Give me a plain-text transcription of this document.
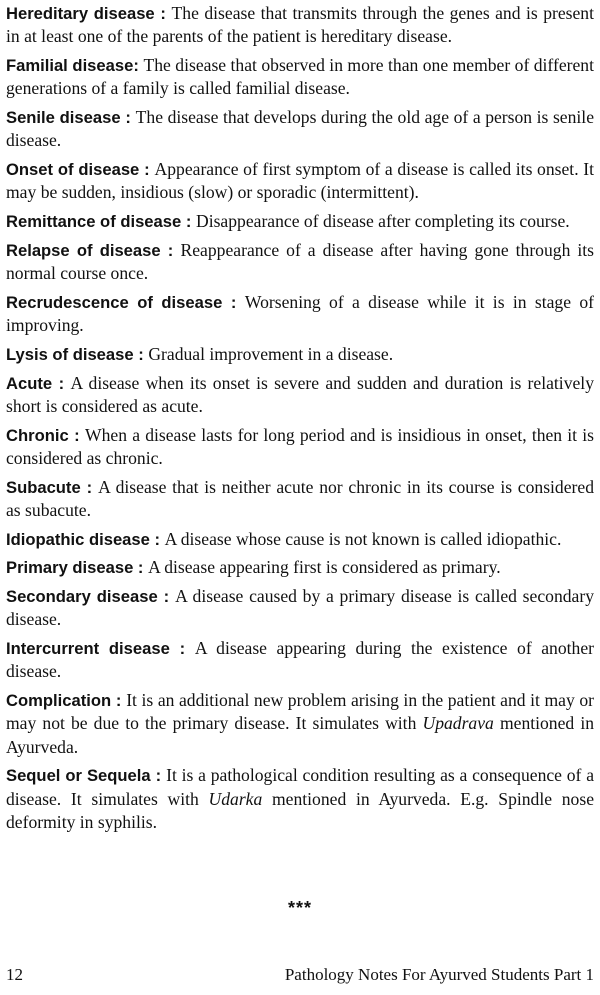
Hereditary disease : The disease that transmits through the genes and is present in at least one of the parents of the patient is hereditary disease.

Familial disease: The disease that observed in more than one member of different generations of a family is called familial disease.

Senile disease : The disease that develops during the old age of a person is senile disease.

Onset of disease : Appearance of first symptom of a disease is called its onset. It may be sudden, insidious (slow) or sporadic (intermittent).

Remittance of disease : Disappearance of disease after completing its course.

Relapse of disease : Reappearance of a disease after having gone through its normal course once.

Recrudescence of disease : Worsening of a disease while it is in stage of improving.

Lysis of disease : Gradual improvement in a disease.

Acute : A disease when its onset is severe and sudden and duration is relatively short is considered as acute.

Chronic : When a disease lasts for long period and is insidious in onset, then it is considered as chronic.

Subacute : A disease that is neither acute nor chronic in its course is considered as subacute.

Idiopathic disease : A disease whose cause is not known is called idiopathic.

Primary disease : A disease appearing first is considered as primary.

Secondary disease : A disease caused by a primary disease is called secondary disease.

Intercurrent disease : A disease appearing during the existence of another disease.

Complication : It is an additional new problem arising in the patient and it may or may not be due to the primary disease. It simulates with Upadrava mentioned in Ayurveda.

Sequel or Sequela : It is a pathological condition resulting as a consequence of a disease. It simulates with Udarka mentioned in Ayurveda. E.g. Spindle nose deformity in syphilis.

***
12	Pathology Notes For Ayurved Students Part 1
